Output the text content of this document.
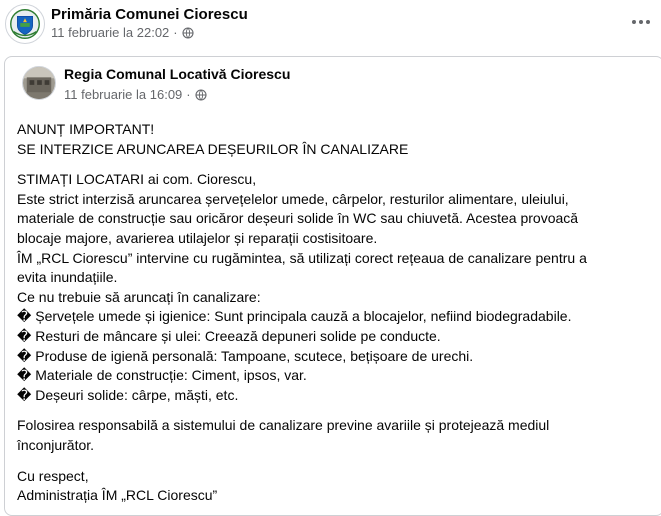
Primăria Comunei Ciorescu
11 februarie la 22:02 ·
Regia Comunal Locativă Ciorescu
11 februarie la 16:09 ·

ANUNȚ IMPORTANT!

SE INTERZICE ARUNCAREA DEȘEURILOR ÎN CANALIZARE

STIMAȚI LOCATARI ai com. Ciorescu,

Este strict interzisă aruncarea șervețelelor umede, cârpelor, resturilor alimentare, uleiului,

materiale de construcție sau oricăror deșeuri solide în WC sau chiuvetă. Acestea provoacă

blocaje majore, avarierea utilajelor și reparații costisitoare.

ÎM „RCL Ciorescu” intervine cu rugămintea, să utilizați corect rețeaua de canalizare pentru a

evita inundațiile.

Ce nu trebuie să aruncați în canalizare:

� Șervețele umede și igienice: Sunt principala cauză a blocajelor, nefiind biodegradabile.

� Resturi de mâncare și ulei: Creează depuneri solide pe conducte.

� Produse de igienă personală: Tampoane, scutece, bețișoare de urechi.

� Materiale de construcție: Ciment, ipsos, var.

� Deșeuri solide: cârpe, măști, etc.

Folosirea responsabilă a sistemului de canalizare previne avariile și protejează mediul

înconjurător.

Cu respect,

Administrația ÎM „RCL Ciorescu”
